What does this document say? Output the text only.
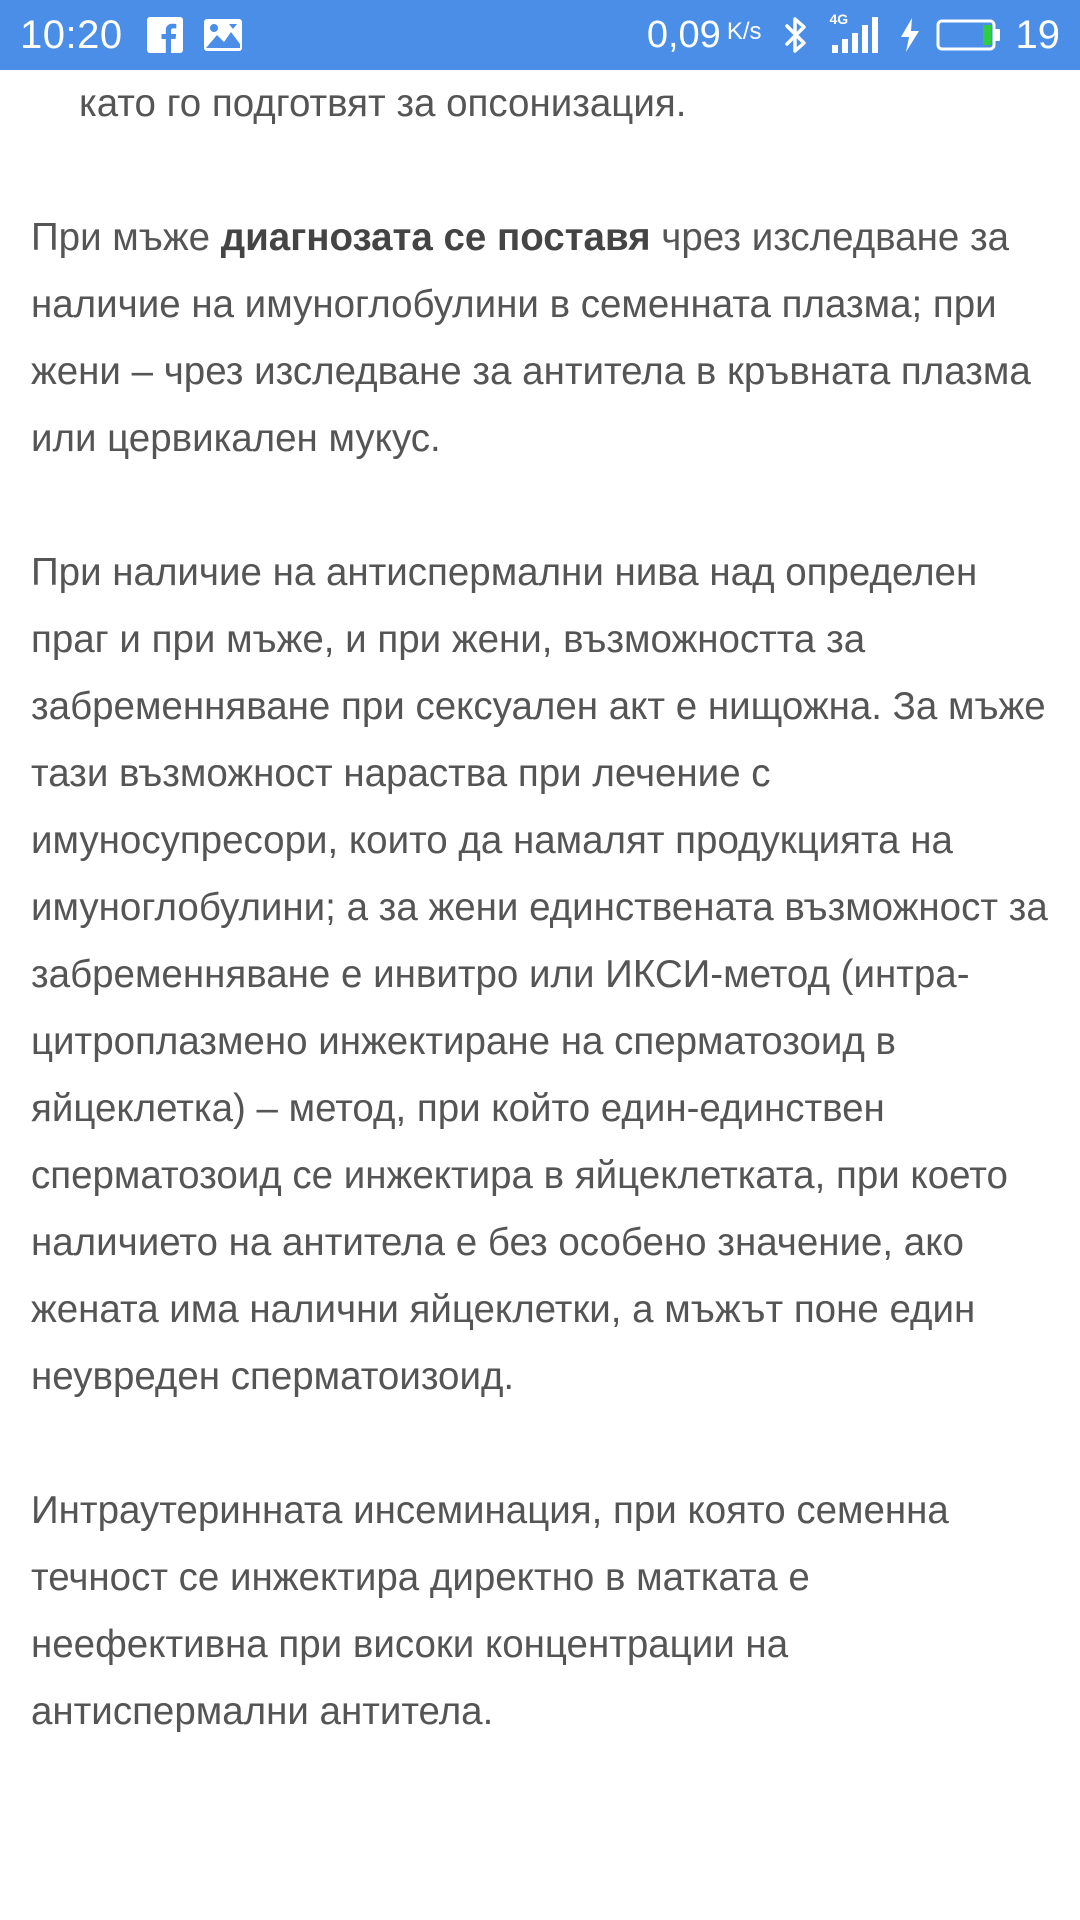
10:20	0,09 K/s	4G	19

като го подготвят за опсонизация.

При мъже диагнозата се поставя чрез изследване за наличие на имуноглобулини в семенната плазма; при жени – чрез изследване за антитела в кръвната плазма или цервикален мукус.

При наличие на антиспермални нива над определен праг и при мъже, и при жени, възможността за забременняване при сексуален акт е нищожна. За мъже тази възможност нараства при лечение с имуносупресори, които да намалят продукцията на имуноглобулини; а за жени единствената възможност за забременняване е инвитро или ИКСИ-метод (интра-цитроплазмено инжектиране на сперматозоид в яйцеклетка) – метод, при който един-единствен сперматозоид се инжектира в яйцеклетката, при което наличието на антитела е без особено значение, ако жената има налични яйцеклетки, а мъжът поне един неувреден сперматоизоид.

Интраутеринната инсеминация, при която семенна течност се инжектира директно в матката е неефективна при високи концентрации на антиспермални антитела.
